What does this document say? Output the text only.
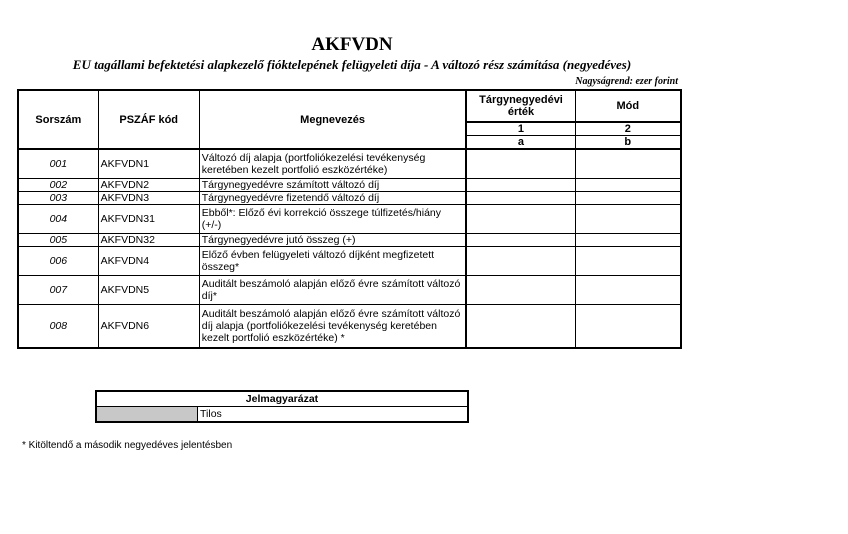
AKFVDN
EU tagállami befektetési alapkezelő fióktelepének felügyeleti díja - A változó rész számítása (negyedéves)
Nagyságrend: ezer forint
Sorszám	PSZÁF kód	Megnevezés	Tárgynegyedévi érték	Mód
			1	2
			a	b
001	AKFVDN1	Változó díj alapja (portfoliókezelési tevékenység keretében kezelt portfolió eszközértéke)		
002	AKFVDN2	Tárgynegyedévre számított változó díj		
003	AKFVDN3	Tárgynegyedévre fizetendő változó díj		
004	AKFVDN31	Ebből*: Előző évi korrekció összege túlfizetés/hiány (+/-)		
005	AKFVDN32	Tárgynegyedévre jutó összeg (+)		
006	AKFVDN4	Előző évben felügyeleti változó díjként megfizetett összeg*		
007	AKFVDN5	Auditált beszámoló alapján előző évre számított változó díj*		
008	AKFVDN6	Auditált beszámoló alapján előző évre számított változó díj alapja (portfoliókezelési tevékenység keretében kezelt portfolió eszközértéke) *		
Jelmagyarázat
	Tilos
* Kitöltendő a második negyedéves jelentésben
